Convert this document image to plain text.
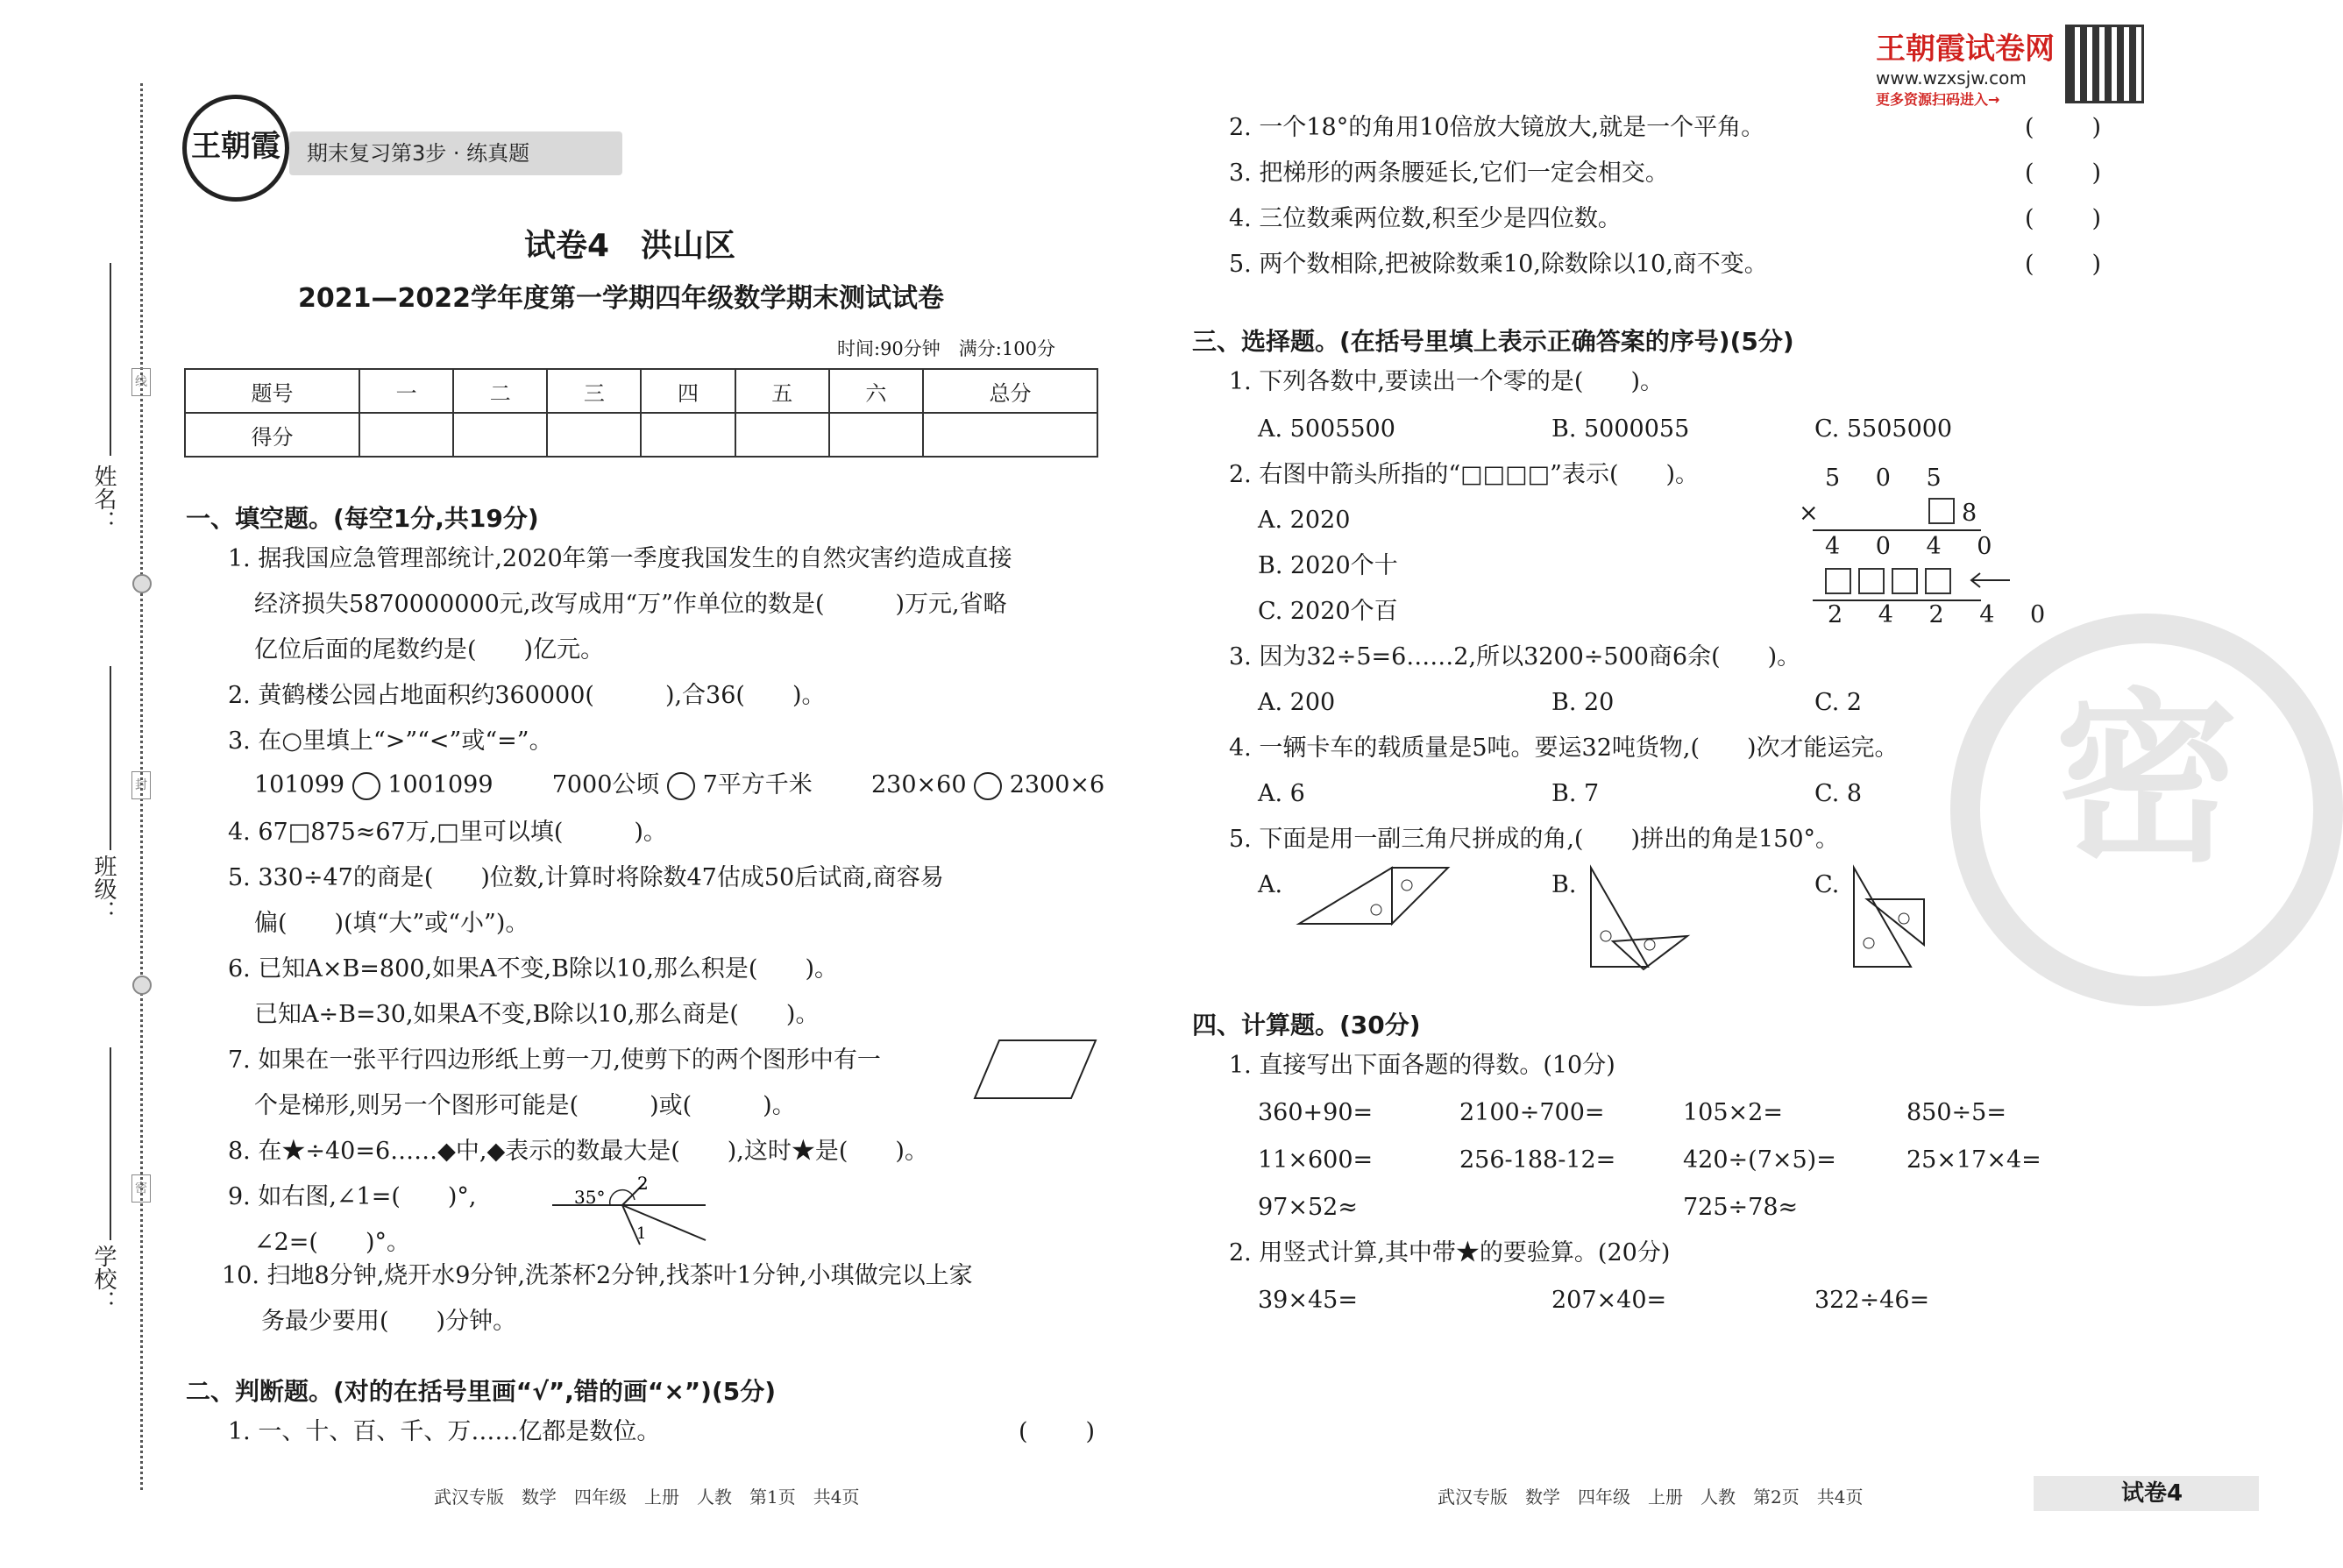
线
封
密
姓名：
班级：
学校：
王朝霞	期末复习第3步 · 练真题
王朝霞试卷网
www.wzxsjw.com
更多资源扫码进入→
试卷4　洪山区
2021—2022学年度第一学期四年级数学期末测试试卷
时间:90分钟　满分:100分
题号	一	二	三	四	五	六	总分
得分							
一、填空题。(每空1分,共19分)
1. 据我国应急管理部统计,2020年第一季度我国发生的自然灾害约造成直接
经济损失5870000000元,改写成用“万”作单位的数是(　　　)万元,省略
亿位后面的尾数约是(　　)亿元。
2. 黄鹤楼公园占地面积约360000(　　　),合36(　　)。
3. 在○里填上“>”“<”或“=”。
101099 1001099 7000公顷 7平方千米 230×60 2300×6
4. 67□875≈67万,□里可以填(　　　)。
5. 330÷47的商是(　　)位数,计算时将除数47估成50后试商,商容易
偏(　　)(填“大”或“小”)。
6. 已知A×B=800,如果A不变,B除以10,那么积是(　　)。
已知A÷B=30,如果A不变,B除以10,那么商是(　　)。
7. 如果在一张平行四边形纸上剪一刀,使剪下的两个图形中有一
个是梯形,则另一个图形可能是(　　　)或(　　　)。
8. 在★÷40=6……◆中,◆表示的数最大是(　　),这时★是(　　)。
9. 如右图,∠1=(　　)°,
∠2=(　　)°。
35°
2
1
10. 扫地8分钟,烧开水9分钟,洗茶杯2分钟,找茶叶1分钟,小琪做完以上家
务最少要用(　　)分钟。
二、判断题。(对的在括号里画“√”,错的画“×”)(5分)
1. 一、十、百、千、万……亿都是数位。	(　　)
2. 一个18°的角用10倍放大镜放大,就是一个平角。	(　　)
3. 把梯形的两条腰延长,它们一定会相交。	(　　)
4. 三位数乘两位数,积至少是四位数。	(　　)
5. 两个数相除,把被除数乘10,除数除以10,商不变。	(　　)
密
三、选择题。(在括号里填上表示正确答案的序号)(5分)
1. 下列各数中,要读出一个零的是(　　)。
A. 5005500	B. 5000055	C. 5505000
2. 右图中箭头所指的“□□□□”表示(　　)。
A. 2020
B. 2020个十
C. 2020个百
5 0 5
×	8
4 0 4 0
2 4 2 4 0
3. 因为32÷5=6……2,所以3200÷500商6余(　　)。
A. 200	B. 20	C. 2
4. 一辆卡车的载质量是5吨。要运32吨货物,(　　)次才能运完。
A. 6	B. 7	C. 8
5. 下面是用一副三角尺拼成的角,(　　)拼出的角是150°。
A.	B.	C.
四、计算题。(30分)
1. 直接写出下面各题的得数。(10分)
360+90=	2100÷700=	105×2=	850÷5=
11×600=	256-188-12=	420÷(7×5)=	25×17×4=
97×52≈	725÷78≈
2. 用竖式计算,其中带★的要验算。(20分)
39×45=	207×40=	322÷46=
武汉专版　数学　四年级　上册　人教　第1页　共4页	武汉专版　数学　四年级　上册　人教　第2页　共4页	试卷4
